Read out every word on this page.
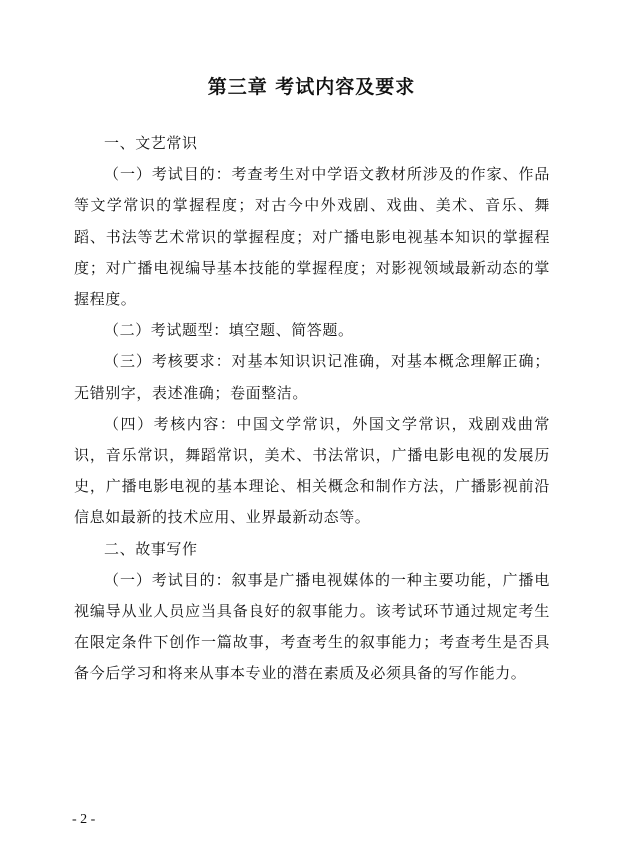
第三章 考试内容及要求

一、文艺常识

（一）考试目的：考查考生对中学语文教材所涉及的作家、作品等文学常识的掌握程度；对古今中外戏剧、戏曲、美术、音乐、舞蹈、书法等艺术常识的掌握程度；对广播电影电视基本知识的掌握程度；对广播电视编导基本技能的掌握程度；对影视领域最新动态的掌握程度。

（二）考试题型：填空题、简答题。

（三）考核要求：对基本知识识记准确，对基本概念理解正确；无错别字，表述准确；卷面整洁。

（四）考核内容：中国文学常识，外国文学常识，戏剧戏曲常识，音乐常识，舞蹈常识，美术、书法常识，广播电影电视的发展历史，广播电影电视的基本理论、相关概念和制作方法，广播影视前沿信息如最新的技术应用、业界最新动态等。

二、故事写作

（一）考试目的：叙事是广播电视媒体的一种主要功能，广播电视编导从业人员应当具备良好的叙事能力。该考试环节通过规定考生在限定条件下创作一篇故事，考查考生的叙事能力；考查考生是否具备今后学习和将来从事本专业的潜在素质及必须具备的写作能力。

- 2 -
